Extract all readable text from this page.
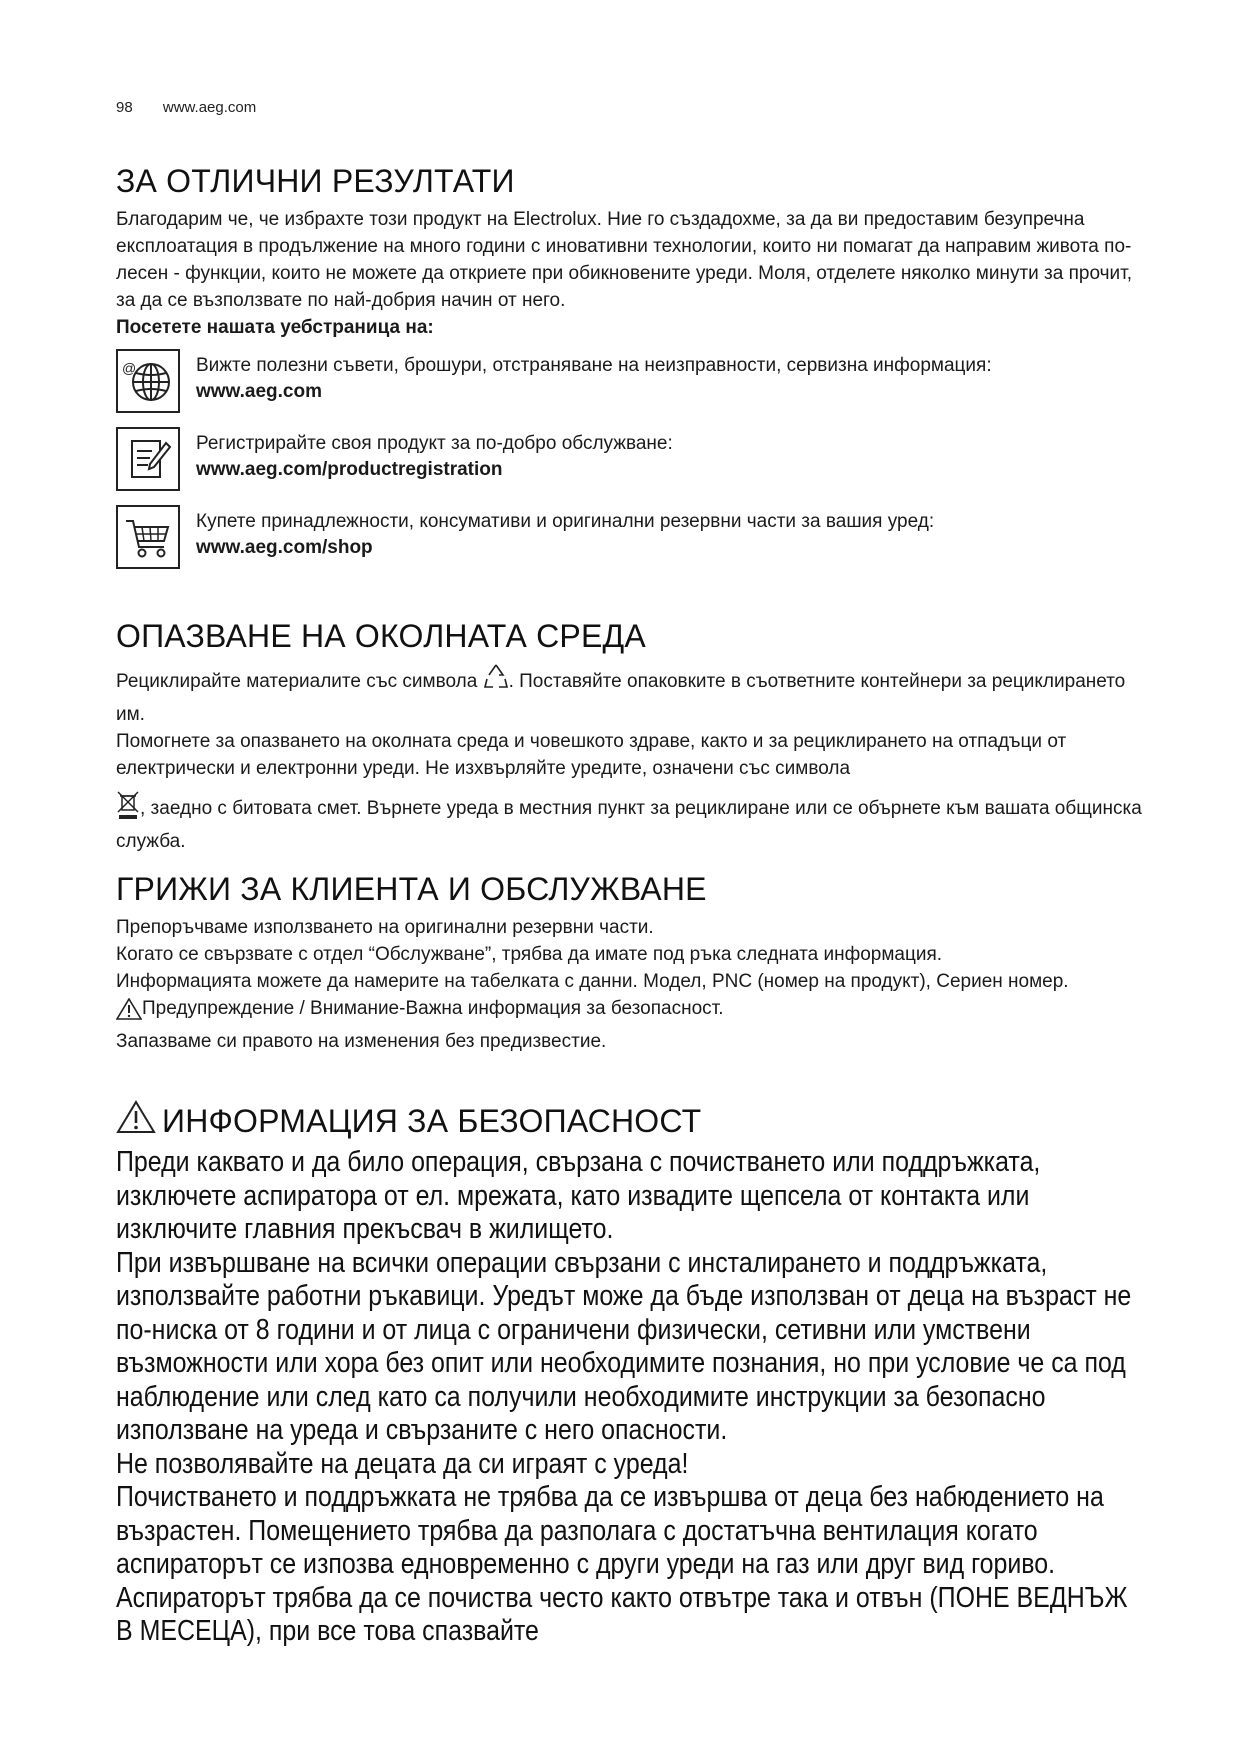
98 www.aeg.com
ЗА ОТЛИЧНИ РЕЗУЛТАТИ

Благодарим че, че избрахте този продукт на Electrolux. Ние го създадохме, за да ви предоставим безупречна експлоатация в продължение на много години с иновативни технологии, които ни помагат да направим живота по-лесен - функции, които не можете да откриете при обикновените уреди. Моля, отделете няколко минути за прочит, за да се възползвате по най-добрия начин от него.

Посетете нашата уебстраница на:

@	Вижте полезни съвети, брошури, отстраняване на неизправности, сервизна информация:

www.aeg.com

Регистрирайте своя продукт за по-добро обслужване:

www.aeg.com/productregistration

Купете принадлежности, консумативи и оригинални резервни части за вашия уред:

www.aeg.com/shop

ОПАЗВАНЕ НА ОКОЛНАТА СРЕДА

Рециклирайте материалите със символа . Поставяйте опаковките в съответните контейнери за рециклирането им.

Помогнете за опазването на околната среда и човешкото здраве, както и за рециклирането на отпадъци от електрически и електронни уреди. Не изхвърляйте уредите, означени със символа

, заедно с битовата смет. Върнете уреда в местния пункт за рециклиране или се обърнете към вашата общинска служба.

ГРИЖИ ЗА КЛИЕНТА И ОБСЛУЖВАНЕ

Препоръчваме използването на оригинални резервни части.

Когато се свързвате с отдел “Обслужване”, трябва да имате под ръка следната информация.

Информацията можете да намерите на табелката с данни. Модел, PNC (номер на продукт), Сериен номер.

Предупреждение / Внимание-Важна информация за безопасност.

Запазваме си правото на изменения без предизвестие.

ИНФОРМАЦИЯ ЗА БЕЗОПАСНОСТ

Преди каквато и да било операция, свързана с почистването или поддръжката, изключете аспиратора от ел. мрежата, като извадите щепсела от контакта или изключите главния прекъсвач в жилището.

При извършване на всички операции свързани с инсталирането и поддръжката, използвайте работни ръкавици. Уредът може да бъде използван от деца на възраст не по-ниска от 8 години и от лица с ограничени физически, сетивни или умствени възможности или хора без опит или необходимите познания, но при условие че са под наблюдение или след като са получили необходимите инструкции за безопасно използване на уреда и свързаните с него опасности.

Не позволявайте на децата да си играят с уреда!

Почистването и поддръжката не трябва да се извършва от деца без набюдението на възрастен. Помещението трябва да разполага с достатъчна вентилация когато аспираторът се изпозва едновременно с други уреди на газ или друг вид гориво.   Аспираторът трябва да се почиства често както отвътре така и отвън (ПОНЕ ВЕДНЪЖ В МЕСЕЦА), при все това спазвайте
